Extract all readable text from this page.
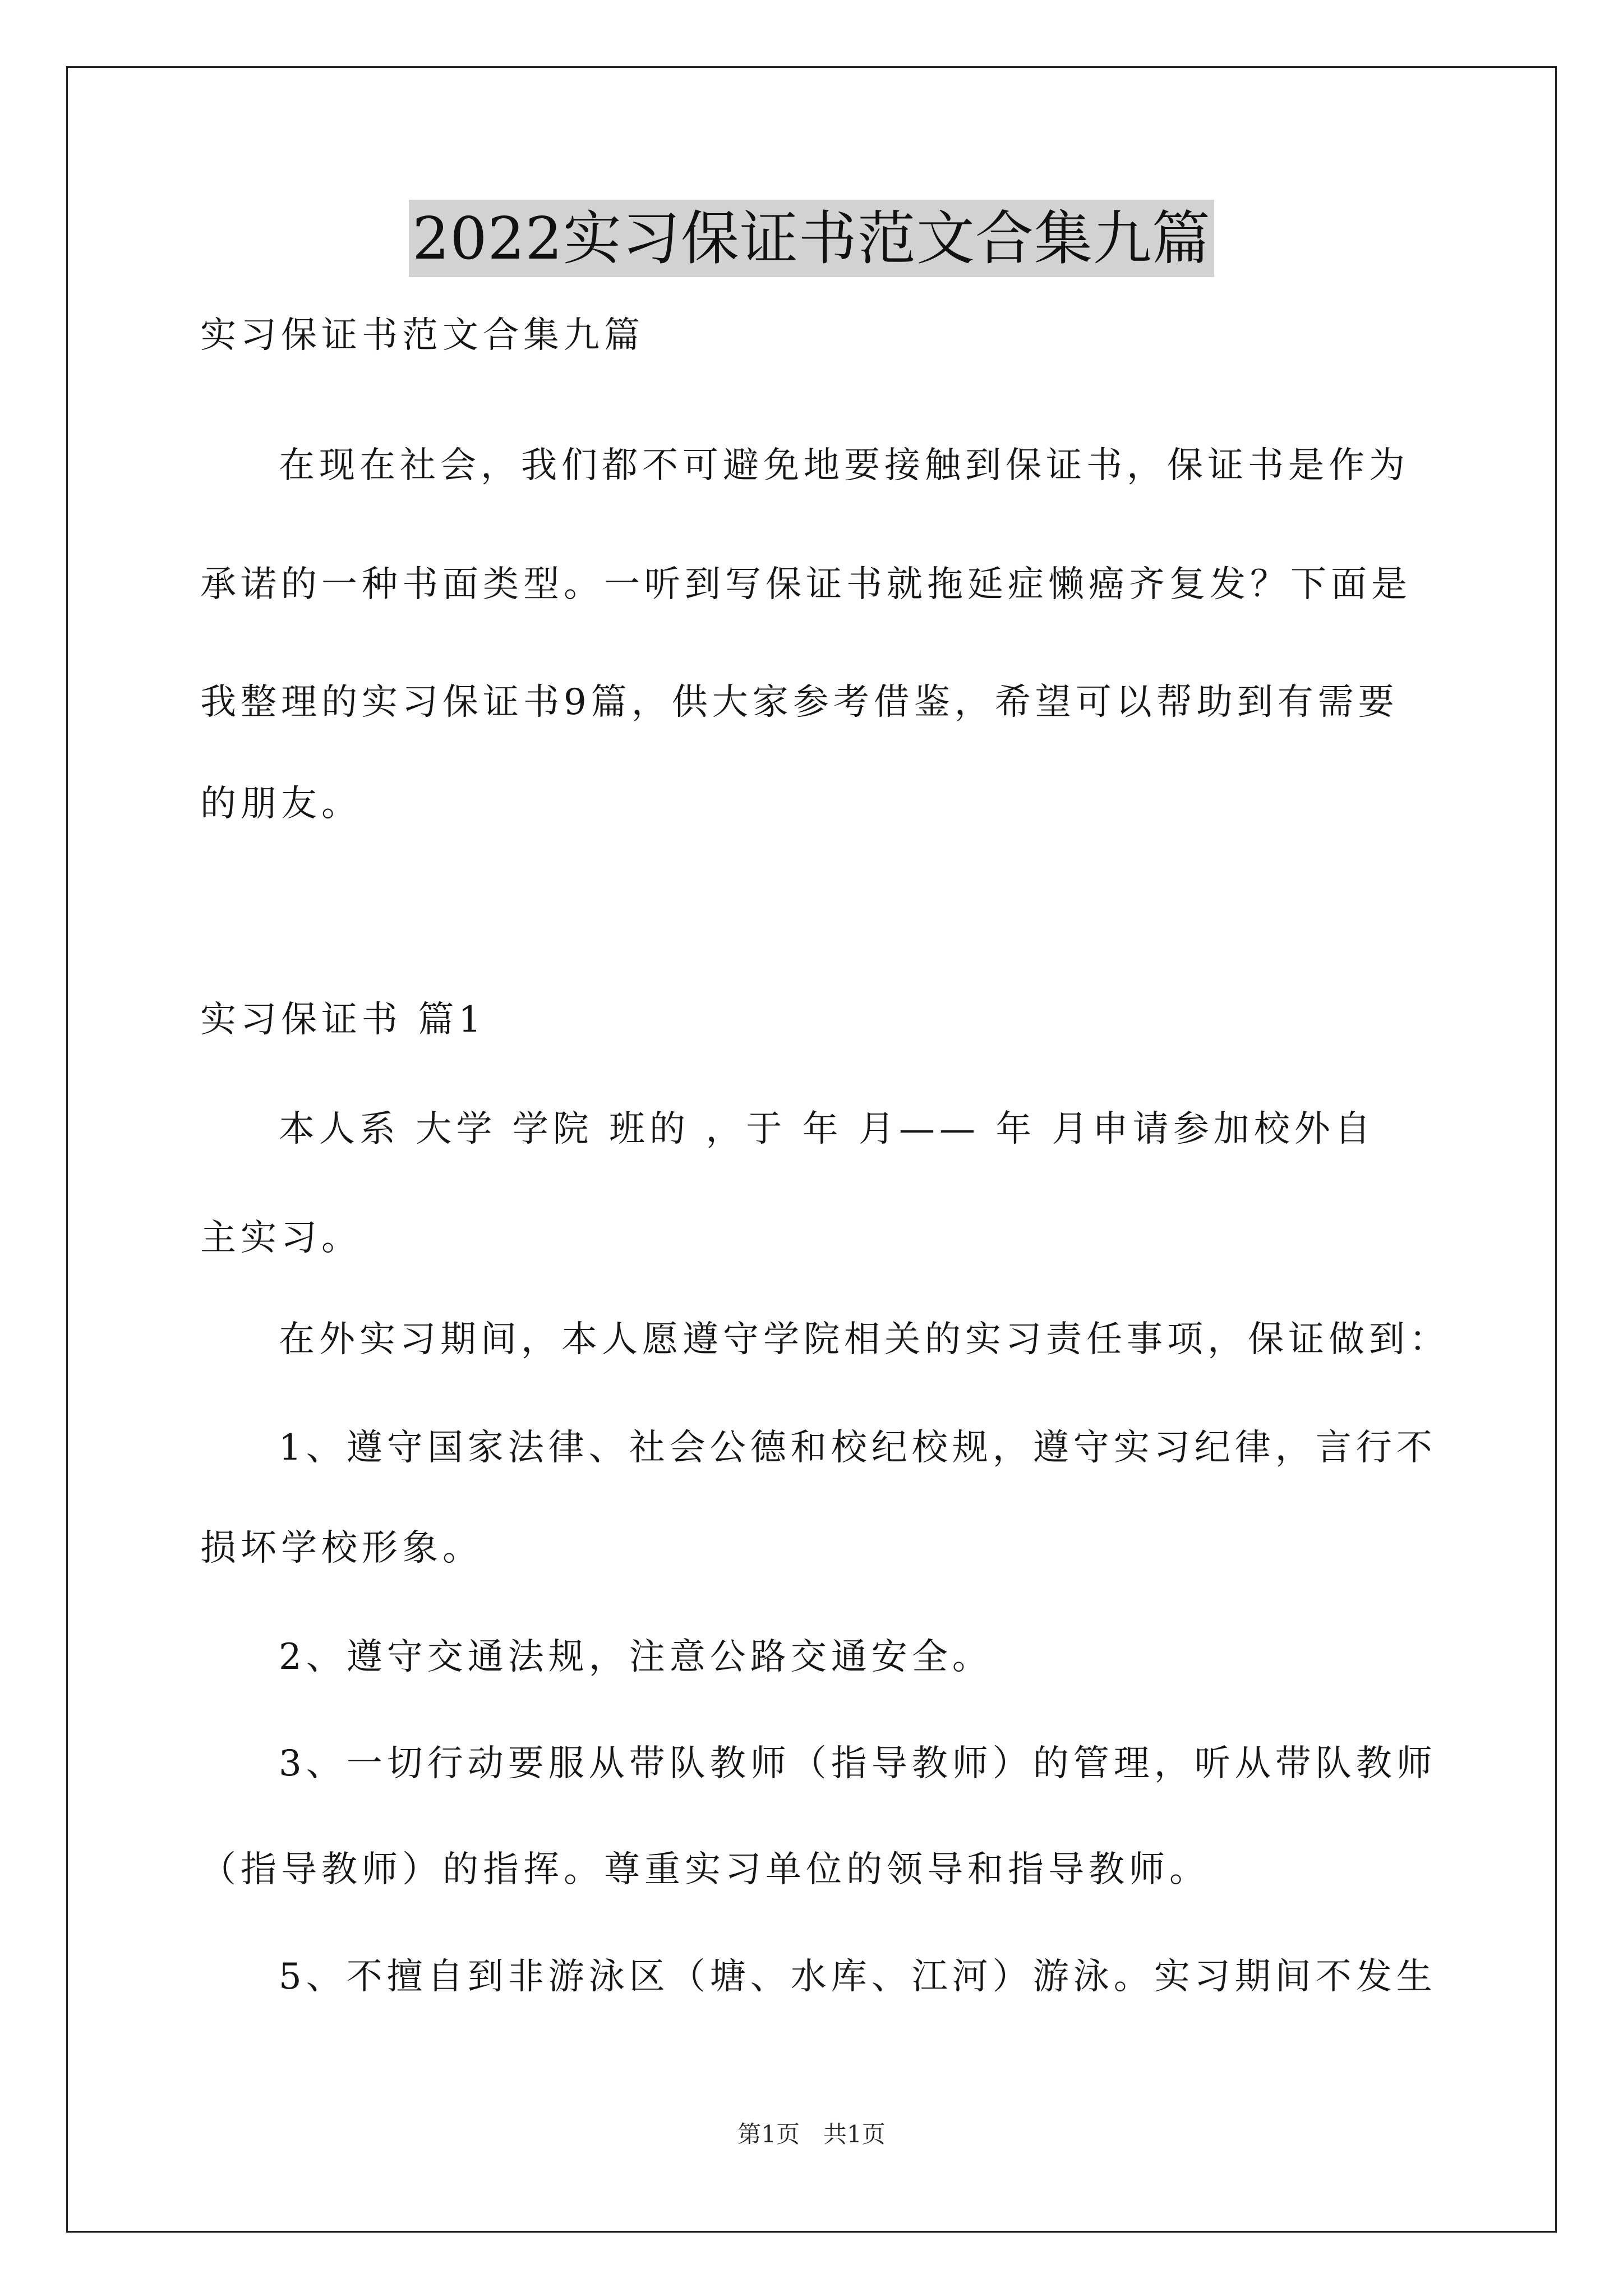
2022实习保证书范文合集九篇
实习保证书范文合集九篇
在现在社会，我们都不可避免地要接触到保证书，保证书是作为
承诺的一种书面类型。一听到写保证书就拖延症懒癌齐复发？下面是
我整理的实习保证书9篇，供大家参考借鉴，希望可以帮助到有需要
的朋友。
实习保证书 篇1
本人系 大学 学院 班的 ，于 年 月—— 年 月申请参加校外自
主实习。
在外实习期间，本人愿遵守学院相关的实习责任事项，保证做到：
1、遵守国家法律、社会公德和校纪校规，遵守实习纪律，言行不
损坏学校形象。
2、遵守交通法规，注意公路交通安全。
3、一切行动要服从带队教师（指导教师）的管理，听从带队教师
（指导教师）的指挥。尊重实习单位的领导和指导教师。
5、不擅自到非游泳区（塘、水库、江河）游泳。实习期间不发生
第1页　共1页
